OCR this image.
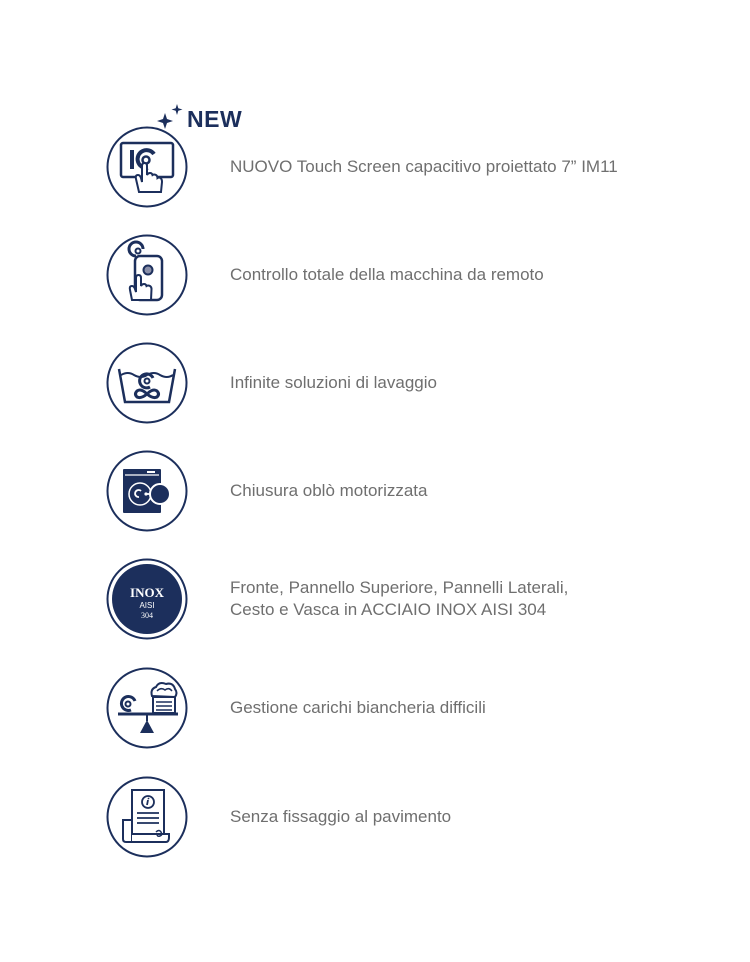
NEW
NUOVO Touch Screen capacitivo proiettato 7” IM11
Controllo totale della macchina da remoto
Infinite soluzioni di lavaggio
Chiusura oblò motorizzata
INOX
AISI
304
Fronte, Pannello Superiore, Pannelli Laterali,
Cesto e Vasca in ACCIAIO INOX AISI 304
Gestione carichi biancheria difficili
Senza fissaggio al pavimento
